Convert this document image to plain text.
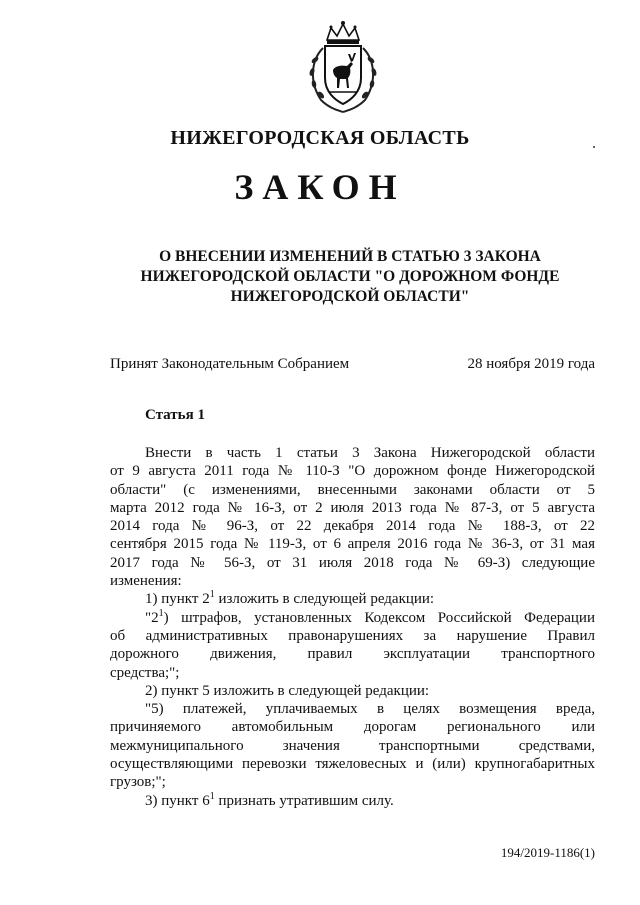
НИЖЕГОРОДСКАЯ ОБЛАСТЬ
ЗАКОН
О ВНЕСЕНИИ ИЗМЕНЕНИЙ В СТАТЬЮ 3 ЗАКОНА
НИЖЕГОРОДСКОЙ ОБЛАСТИ "О ДОРОЖНОМ ФОНДЕ
НИЖЕГОРОДСКОЙ ОБЛАСТИ"
Принят Законодательным Собранием	28 ноября 2019 года
Статья 1
Внести в часть 1 статьи 3 Закона Нижегородской области
от 9 августа 2011 года № 110-З "О дорожном фонде Нижегородской
области" (с изменениями, внесенными законами области от 5
марта 2012 года № 16-З, от 2 июля 2013 года № 87-З, от 5 августа
2014 года № 96-З, от 22 декабря 2014 года № 188-З, от 22
сентября 2015 года № 119-З, от 6 апреля 2016 года № 36-З, от 31 мая
2017 года № 56-З, от 31 июля 2018 года № 69-З) следующие
изменения:
1) пункт $2^1$ изложить в следующей редакции:
"$2^1$) штрафов, установленных Кодексом Российской Федерации
об административных правонарушениях за нарушение Правил
дорожного движения, правил эксплуатации транспортного
средства;";
2) пункт 5 изложить в следующей редакции:
"5) платежей, уплачиваемых в целях возмещения вреда,
причиняемого автомобильным дорогам регионального или
межмуниципального значения транспортными средствами,
осуществляющими перевозки тяжеловесных и (или) крупногабаритных
грузов;";
3) пункт $6^1$ признать утратившим силу.
194/2019-1186(1)
